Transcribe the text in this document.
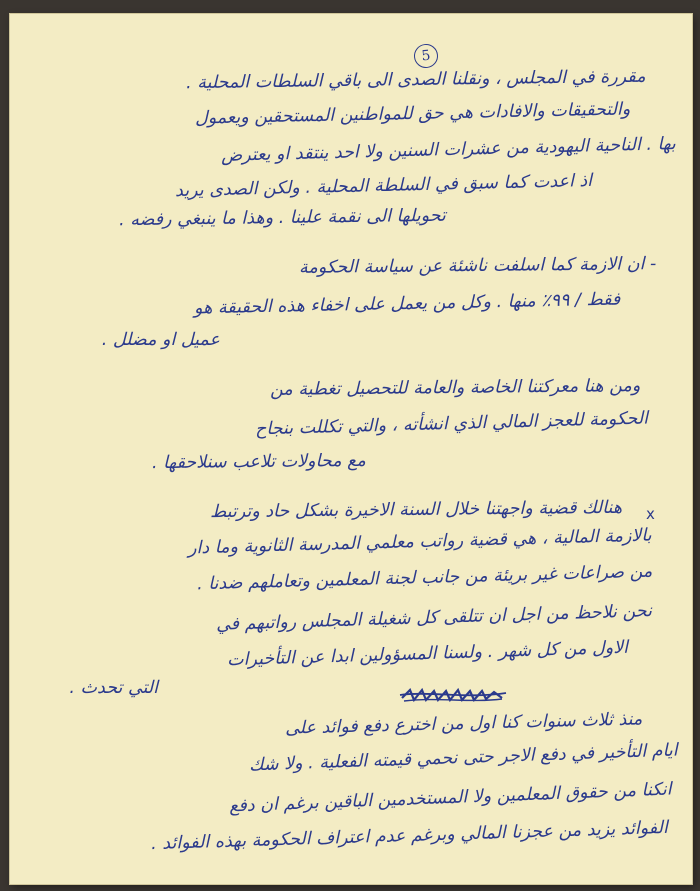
5
مقررة في المجلس ، ونقلنا الصدى الى باقي السلطات المحلية .
والتحقيقات والافادات هي حق للمواطنين المستحقين ويعمول
بها . الناحية اليهودية من عشرات السنين ولا احد ينتقد او يعترض
اذ اعدت كما سبق في السلطة المحلية . ولكن الصدى يريد
تحويلها الى نقمة علينا . وهذا ما ينبغي رفضه .
- ان الازمة كما اسلفت ناشئة عن سياسة الحكومة
فقط / ٩٩٪ منها . وكل من يعمل على اخفاء هذه الحقيقة هو
عميل او مضلل .
ومن هنا معركتنا الخاصة والعامة للتحصيل تغطية من
الحكومة للعجز المالي الذي انشأته ، والتي تكللت بنجاح
مع محاولات تلاعب سنلاحقها .
x
هنالك قضية واجهتنا خلال السنة الاخيرة بشكل حاد وترتبط
بالازمة المالية ، هي قضية رواتب معلمي المدرسة الثانوية وما دار
من صراعات غير بريئة من جانب لجنة المعلمين وتعاملهم ضدنا .
نحن نلاحظ من اجل ان تتلقى كل شغيلة المجلس رواتبهم في
الاول من كل شهر . ولسنا المسؤولين ابدا عن التأخيرات
التي تحدث .
منذ ثلاث سنوات كنا اول من اخترع دفع فوائد على
ايام التأخير في دفع الاجر حتى نحمي قيمته الفعلية . ولا شك
انكنا من حقوق المعلمين ولا المستخدمين الباقين برغم ان دفع
الفوائد يزيد من عجزنا المالي وبرغم عدم اعتراف الحكومة بهذه الفوائد .
